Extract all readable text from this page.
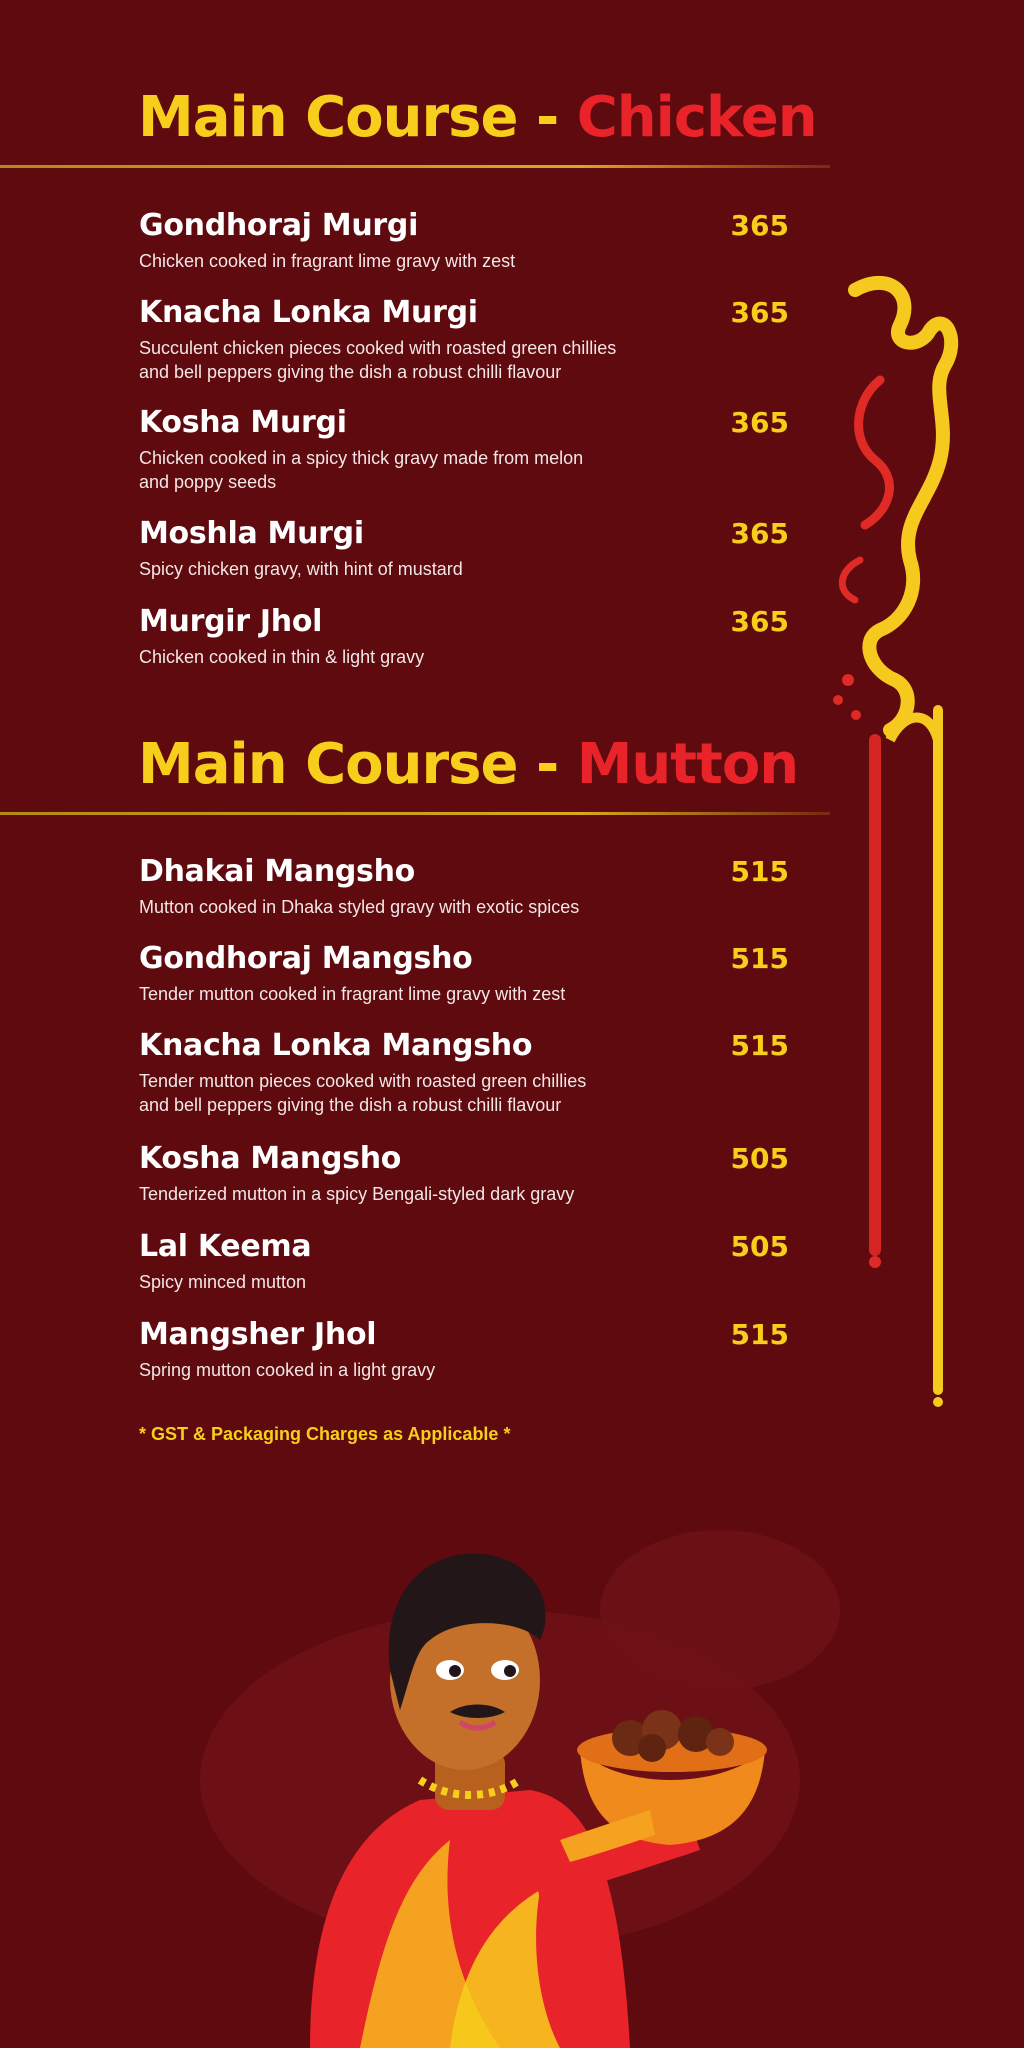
Main Course - Chicken
Gondhoraj Murgi	365
Chicken cooked in fragrant lime gravy with zest
Knacha Lonka Murgi	365
Succulent chicken pieces cooked with roasted green chillies
and bell peppers giving the dish a robust chilli flavour
Kosha Murgi	365
Chicken cooked in a spicy thick gravy made from melon
and poppy seeds
Moshla Murgi	365
Spicy chicken gravy, with hint of mustard
Murgir Jhol	365
Chicken cooked in thin & light gravy
Main Course - Mutton
Dhakai Mangsho	515
Mutton cooked in Dhaka styled gravy with exotic spices
Gondhoraj Mangsho	515
Tender mutton cooked in fragrant lime gravy with zest
Knacha Lonka Mangsho	515
Tender mutton pieces cooked with roasted green chillies
and bell peppers giving the dish a robust chilli flavour
Kosha Mangsho	505
Tenderized mutton in a spicy Bengali-styled dark gravy
Lal Keema	505
Spicy minced mutton
Mangsher Jhol	515
Spring mutton cooked in a light gravy
* GST & Packaging Charges as Applicable *
